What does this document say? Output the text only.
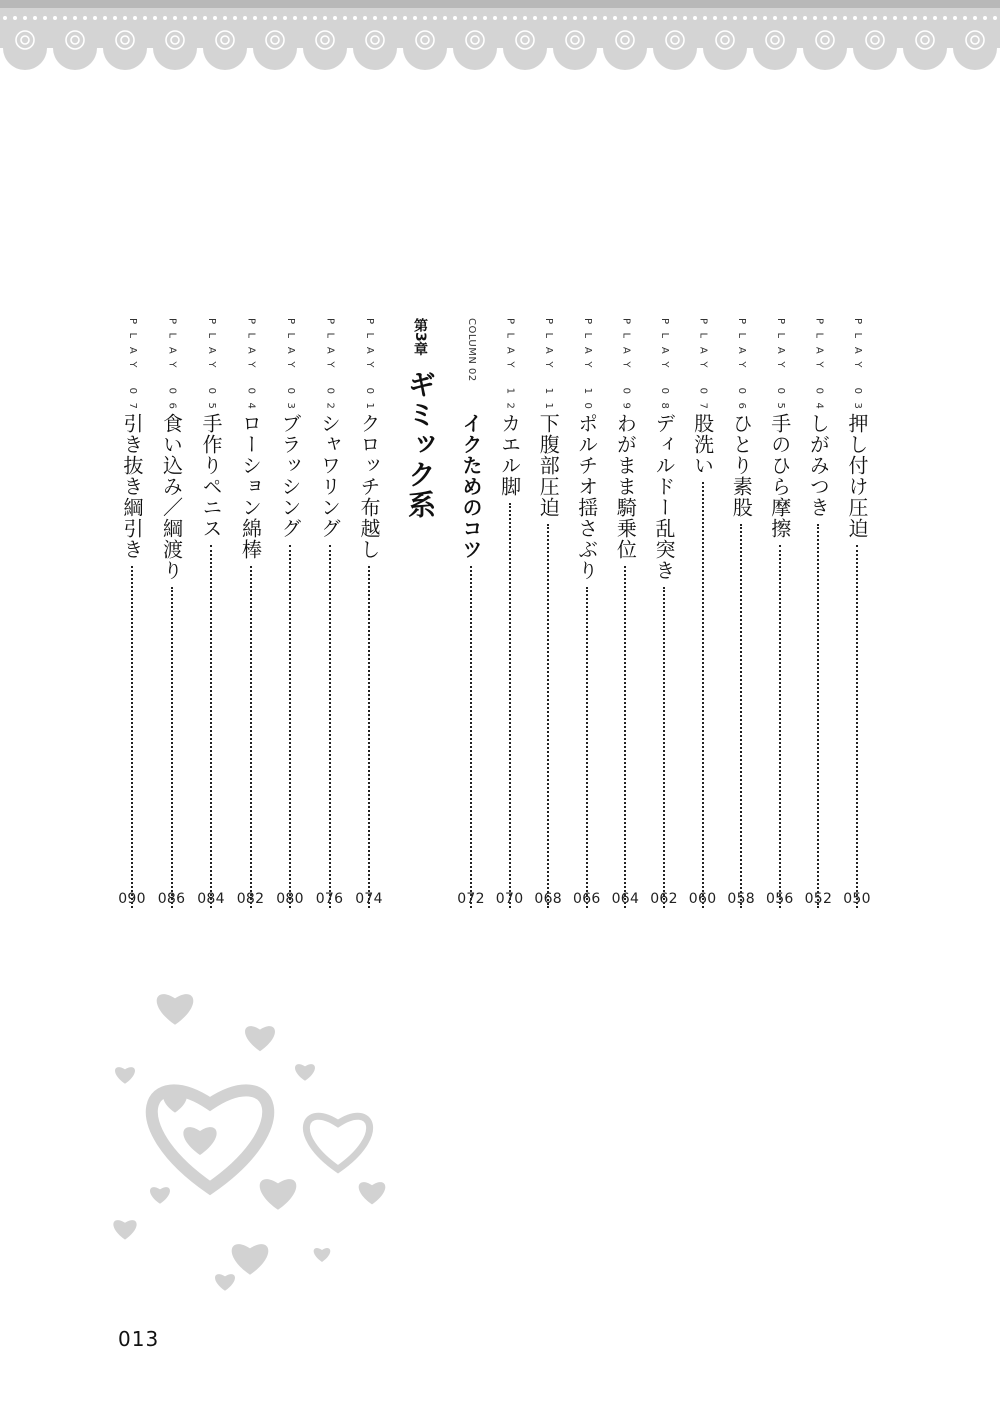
PLAY 03
押し付け圧迫
050
PLAY 04
しがみつき
052
PLAY 05
手のひら摩擦
056
PLAY 06
ひとり素股
058
PLAY 07
股洗い
060
PLAY 08
ディルドー乱突き
062
PLAY 09
わがまま騎乗位
064
PLAY 10
ポルチオ揺さぶり
066
PLAY 11
下腹部圧迫
068
PLAY 12
カエル脚
070
COLUMN 02
イクためのコツ
072
第3章
ギミック系
PLAY 01
クロッチ布越し
074
PLAY 02
シャワリング
076
PLAY 03
ブラッシング
080
PLAY 04
ローション綿棒
082
PLAY 05
手作りペニス
084
PLAY 06
食い込み／綱渡り
086
PLAY 07
引き抜き綱引き
090
013
